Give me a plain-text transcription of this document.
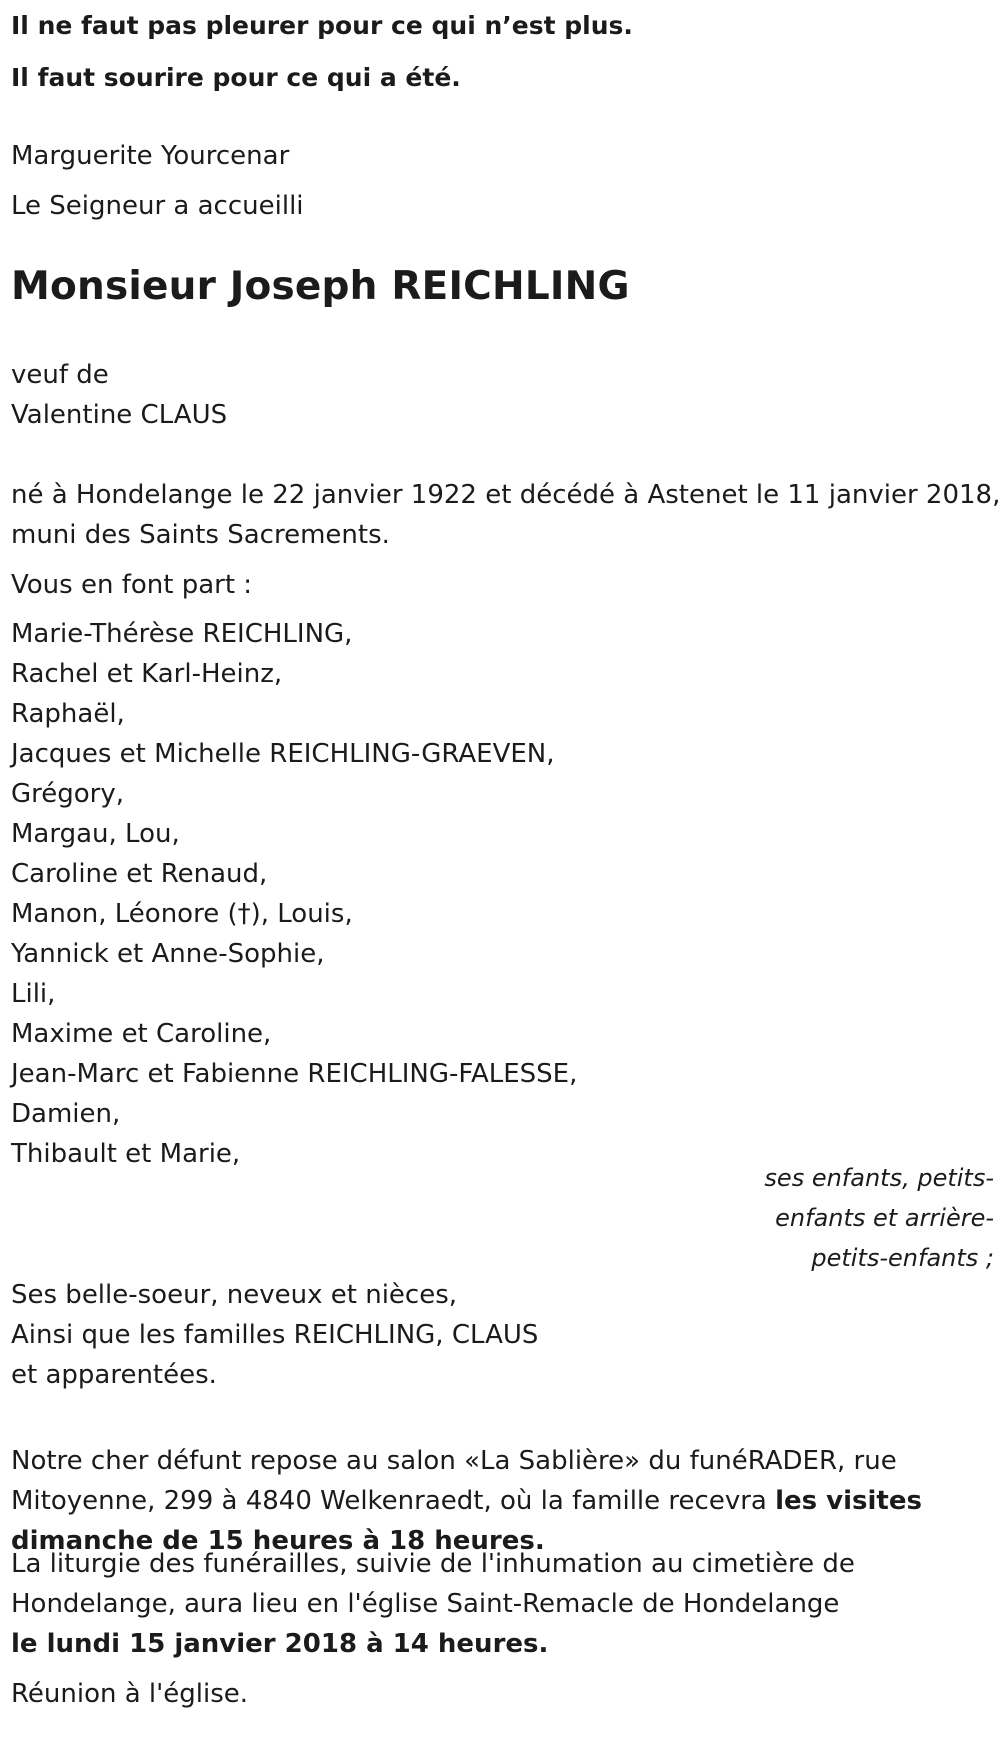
Il ne faut pas pleurer pour ce qui n’est plus.
Il faut sourire pour ce qui a été.
Marguerite Yourcenar
Le Seigneur a accueilli
Monsieur Joseph REICHLING
veuf de
Valentine CLAUS
né à Hondelange le 22 janvier 1922 et décédé à Astenet le 11 janvier 2018,
muni des Saints Sacrements.
Vous en font part :
Marie-Thérèse REICHLING,
Rachel et Karl-Heinz,
Raphaël,
Jacques et Michelle REICHLING-GRAEVEN,
Grégory,
Margau, Lou,
Caroline et Renaud,
Manon, Léonore (†), Louis,
Yannick et Anne-Sophie,
Lili,
Maxime et Caroline,
Jean-Marc et Fabienne REICHLING-FALESSE,
Damien,
Thibault et Marie,
ses enfants, petits-
enfants et arrière-
petits-enfants ;
Ses belle-soeur, neveux et nièces,
Ainsi que les familles REICHLING, CLAUS
et apparentées.
Notre cher défunt repose au salon «La Sablière» du funéRADER, rue
Mitoyenne, 299 à 4840 Welkenraedt, où la famille recevra les visites
dimanche de 15 heures à 18 heures.
La liturgie des funérailles, suivie de l'inhumation au cimetière de
Hondelange, aura lieu en l'église Saint-Remacle de Hondelange
le lundi 15 janvier 2018 à 14 heures.
Réunion à l'église.
